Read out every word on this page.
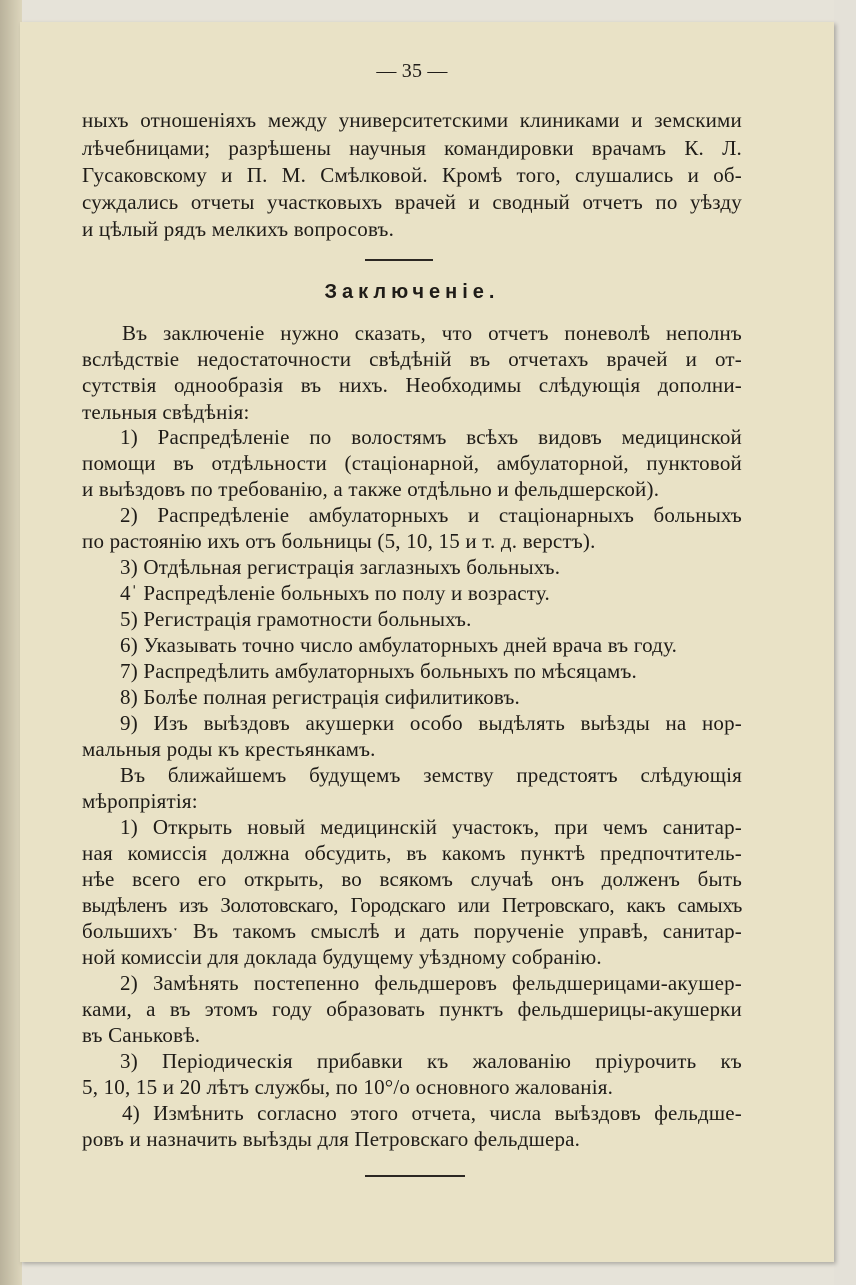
— 35 —
ныхъ отношеніяхъ между университетскими клиниками и земскими
лѣчебницами; разрѣшены научныя командировки врачамъ К. Л.
Гусаковскому и П. М. Смѣлковой. Кромѣ того, слушались и об-
суждались отчеты участковыхъ врачей и сводный отчетъ по уѣзду
и цѣлый рядъ мелкихъ вопросовъ.
Заключеніе.
Въ заключеніе нужно сказать, что отчетъ поневолѣ неполнъ
вслѣдствіе недостаточности свѣдѣній въ отчетахъ врачей и от-
сутствія однообразія въ нихъ. Необходимы слѣдующія дополни-
тельныя свѣдѣнія:
1) Распредѣленіе по волостямъ всѣхъ видовъ медицинской
помощи въ отдѣльности (стаціонарной, амбулаторной, пунктовой
и выѣздовъ по требованію, а также отдѣльно и фельдшерской).
2) Распредѣленіе амбулаторныхъ и стаціонарныхъ больныхъ
по растоянію ихъ отъ больницы (5, 10, 15 и т. д. верстъ).
3) Отдѣльная регистрація заглазныхъ больныхъ.
4ˈ Распредѣленіе больныхъ по полу и возрасту.
5) Регистрація грамотности больныхъ.
6) Указывать точно число амбулаторныхъ дней врача въ году.
7) Распредѣлить амбулаторныхъ больныхъ по мѣсяцамъ.
8) Болѣе полная регистрація сифилитиковъ.
9) Изъ выѣздовъ акушерки особо выдѣлять выѣзды на нор-
мальныя роды къ крестьянкамъ.
Въ ближайшемъ будущемъ земству предстоятъ слѣдующія
мѣропріятія:
1) Открыть новый медицинскій участокъ, при чемъ санитар-
ная комиссія должна обсудить, въ какомъ пунктѣ предпочтитель-
нѣе всего его открыть, во всякомъ случаѣ онъ долженъ быть
выдѣленъ изъ Золотовскаго, Городскаго или Петровскаго, какъ самыхъ
большихъˑ Въ такомъ смыслѣ и дать порученіе управѣ, санитар-
ной комиссіи для доклада будущему уѣздному собранію.
2) Замѣнять постепенно фельдшеровъ фельдшерицами-акушер-
ками, а въ этомъ году образовать пунктъ фельдшерицы-акушерки
въ Саньковѣ.
3) Періодическія прибавки къ жалованію пріурочить къ
5, 10, 15 и 20 лѣтъ службы, по 10°/о основного жалованія.
4) Измѣнить согласно этого отчета, числа выѣздовъ фельдше-
ровъ и назначить выѣзды для Петровскаго фельдшера.
